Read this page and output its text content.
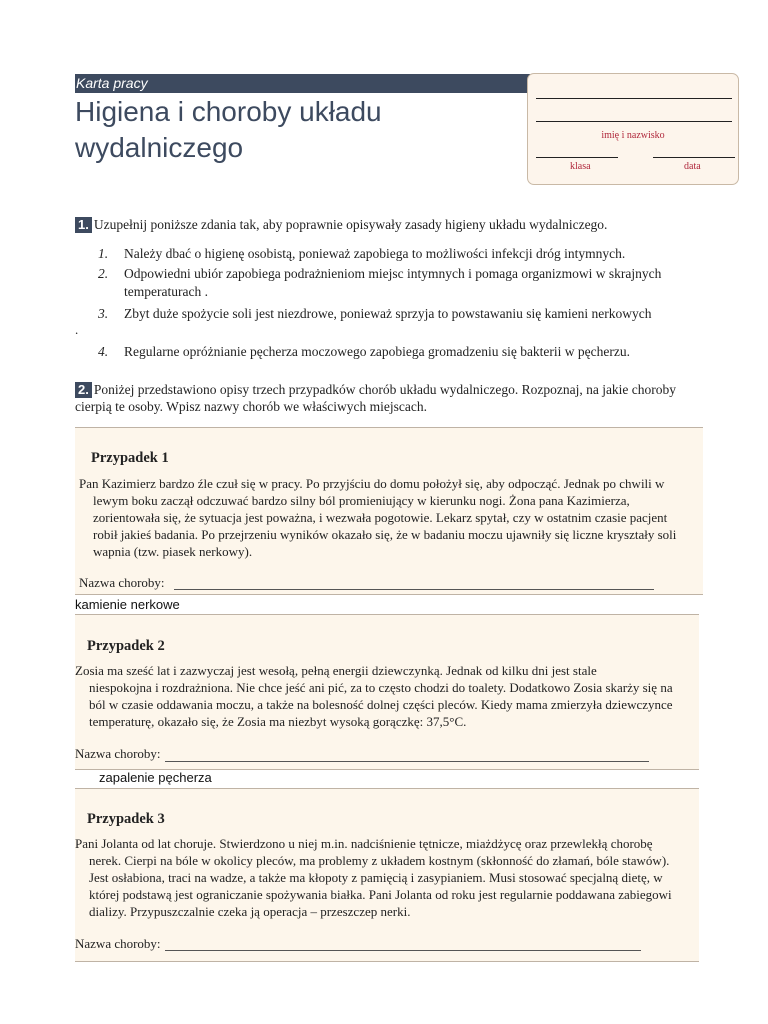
Karta pracy
Higiena i choroby układu wydalniczego	imię i nazwisko
klasa	data
1. Uzupełnij poniższe zdania tak, aby poprawnie opisywały zasady higieny układu wydalniczego.
1. Należy dbać o higienę osobistą, ponieważ zapobiega to możliwości infekcji dróg intymnych.
2. Odpowiedni ubiór zapobiega podrażnieniom miejsc intymnych i pomaga organizmowi w skrajnych temperaturach .
3. Zbyt duże spożycie soli jest niezdrowe, ponieważ sprzyja to powstawaniu się kamieni nerkowych
.
4. Regularne opróżnianie pęcherza moczowego zapobiega gromadzeniu się bakterii w pęcherzu.
2. Poniżej przedstawiono opisy trzech przypadków chorób układu wydalniczego. Rozpoznaj, na jakie choroby cierpią te osoby. Wpisz nazwy chorób we właściwych miejscach.
Przypadek 1
Pan Kazimierz bardzo źle czuł się w pracy. Po przyjściu do domu położył się, aby odpocząć. Jednak po chwili w
lewym boku zaczął odczuwać bardzo silny ból promieniujący w kierunku nogi. Żona pana Kazimierza, zorientowała się, że sytuacja jest poważna, i wezwała pogotowie. Lekarz spytał, czy w ostatnim czasie pacjent robił jakieś badania. Po przejrzeniu wyników okazało się, że w badaniu moczu ujawniły się liczne kryształy soli wapnia (tzw. piasek nerkowy).
Nazwa choroby:
kamienie nerkowe
Przypadek 2
Zosia ma sześć lat i zazwyczaj jest wesołą, pełną energii dziewczynką. Jednak od kilku dni jest stale
niespokojna i rozdrażniona. Nie chce jeść ani pić, za to często chodzi do toalety. Dodatkowo Zosia skarży się na ból w czasie oddawania moczu, a także na bolesność dolnej części pleców. Kiedy mama zmierzyła dziewczynce temperaturę, okazało się, że Zosia ma niezbyt wysoką gorączkę: 37,5°C.
Nazwa choroby:
zapalenie pęcherza
Przypadek 3
Pani Jolanta od lat choruje. Stwierdzono u niej m.in. nadciśnienie tętnicze, miażdżycę oraz przewlekłą chorobę
nerek. Cierpi na bóle w okolicy pleców, ma problemy z układem kostnym (skłonność do złamań, bóle stawów). Jest osłabiona, traci na wadze, a także ma kłopoty z pamięcią i zasypianiem. Musi stosować specjalną dietę, w której podstawą jest ograniczanie spożywania białka. Pani Jolanta od roku jest regularnie poddawana zabiegowi dializy. Przypuszczalnie czeka ją operacja – przeszczep nerki.
Nazwa choroby:
